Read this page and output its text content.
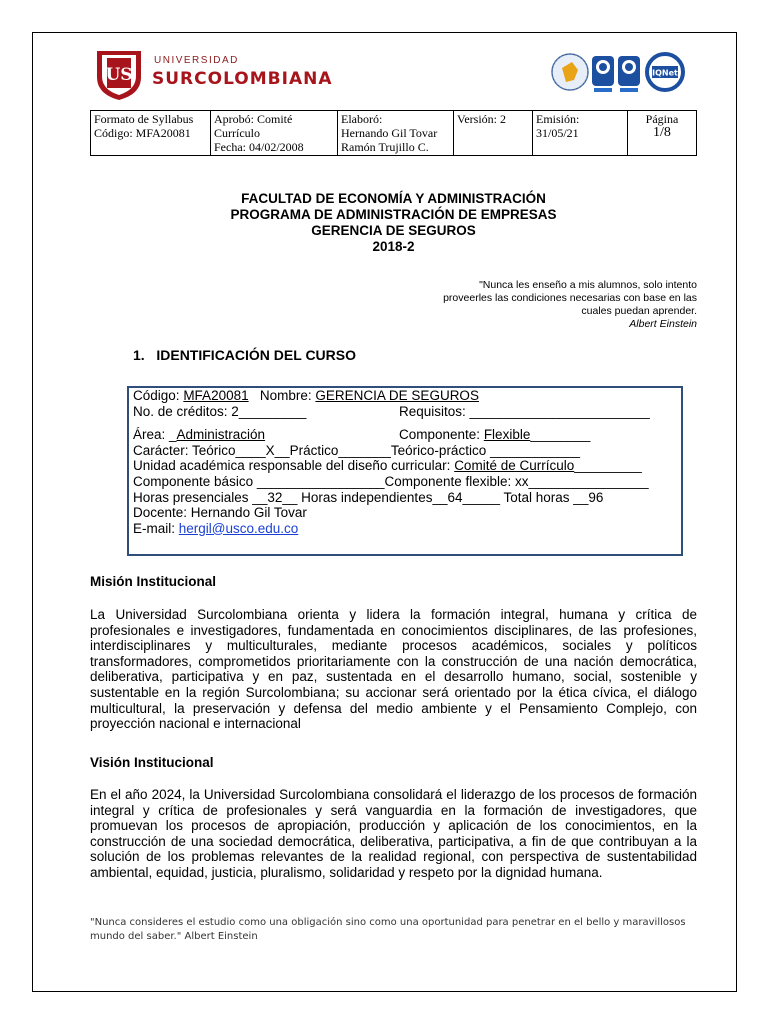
US
UNIVERSIDAD
SURCOLOMBIANA	IQNet
Formato de Syllabus
Código: MFA20081

Aprobó: Comité
Currículo
Fecha: 04/02/2008

Elaboró:
Hernando Gil Tovar
Ramón Trujillo C.

Versión: 2	Emisión:
31/05/21

Página
1/8
FACULTAD DE ECONOMÍA Y ADMINISTRACIÓN
PROGRAMA DE ADMINISTRACIÓN DE EMPRESAS
GERENCIA DE SEGUROS
2018-2
"Nunca les enseño a mis alumnos, solo intento
proveerles las condiciones necesarias con base en las
cuales puedan aprender.
Albert Einstein
1. IDENTIFICACIÓN DEL CURSO
Código: MFA20081 Nombre: GERENCIA DE SEGUROS
No. de créditos: 2_________	Requisitos: ________________________
Área: _Administración	Componente: Flexible________
Carácter: Teórico____X__Práctico_______Teórico-práctico ____________
Unidad académica responsable del diseño curricular: Comité de Currículo_________
Componente básico _________________Componente flexible: xx________________
Horas presenciales __32__ Horas independientes__64_____ Total horas __96
Docente: Hernando Gil Tovar
E-mail: hergil@usco.edu.co
Misión Institucional
La Universidad Surcolombiana orienta y lidera la formación integral, humana y crítica de profesionales e investigadores, fundamentada en conocimientos disciplinares, de las profesiones, interdisciplinares y multiculturales, mediante procesos académicos, sociales y políticos transformadores, comprometidos prioritariamente con la construcción de una nación democrática, deliberativa, participativa y en paz, sustentada en el desarrollo humano, social, sostenible y sustentable en la región Surcolombiana; su accionar será orientado por la ética cívica, el diálogo multicultural, la preservación y defensa del medio ambiente y el Pensamiento Complejo, con proyección nacional e internacional
Visión Institucional
En el año 2024, la Universidad Surcolombiana consolidará el liderazgo de los procesos de formación integral y crítica de profesionales y será vanguardia en la formación de investigadores, que promuevan los procesos de apropiación, producción y aplicación de los conocimientos, en la construcción de una sociedad democrática, deliberativa, participativa, a fin de que contribuyan a la solución de los problemas relevantes de la realidad regional, con perspectiva de sustentabilidad ambiental, equidad, justicia, pluralismo, solidaridad y respeto por la dignidad humana.
"Nunca consideres el estudio como una obligación sino como una oportunidad para penetrar en el bello y maravillosos mundo del saber." Albert Einstein
